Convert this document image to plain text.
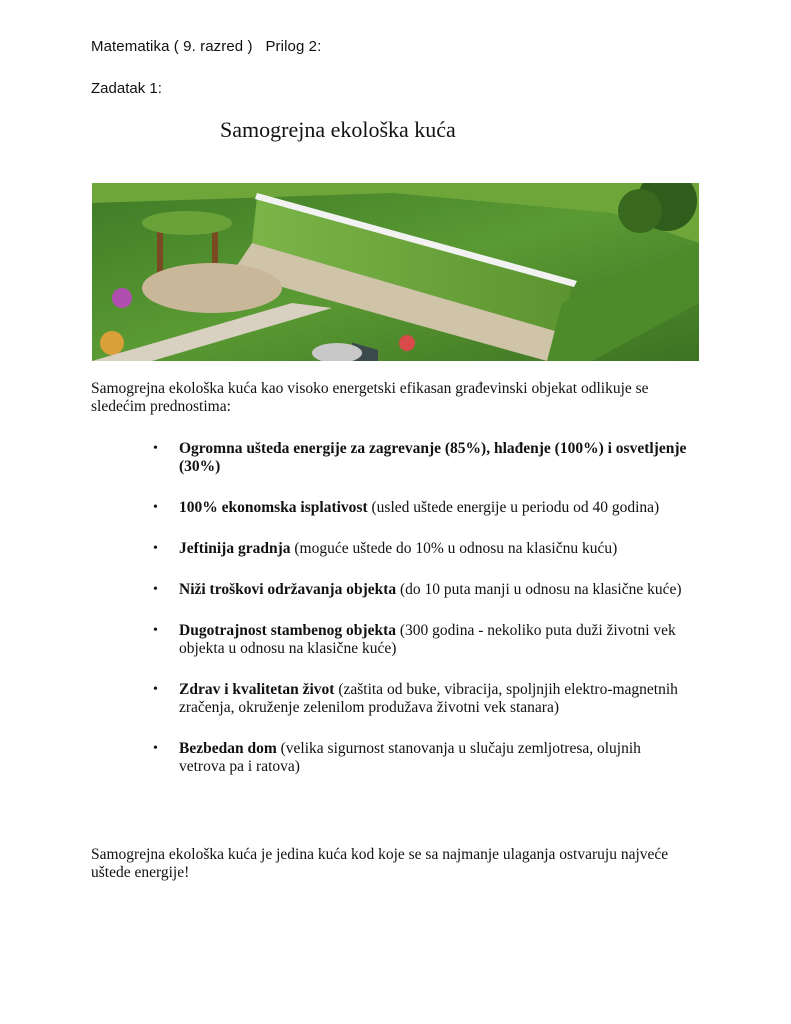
Matematika ( 9. razred ) Prilog 2:
Zadatak 1:
Samogrejna ekološka kuća
Samogrejna ekološka kuća kao visoko energetski efikasan građevinski objekat odlikuje se sledećim prednostima:
• Ogromna ušteda energije za zagrevanje (85%), hlađenje (100%) i osvetljenje (30%)
• 100% ekonomska isplativost (usled uštede energije u periodu od 40 godina)
• Jeftinija gradnja (moguće uštede do 10% u odnosu na klasičnu kuću)
• Niži troškovi održavanja objekta (do 10 puta manji u odnosu na klasične kuće)
• Dugotrajnost stambenog objekta (300 godina - nekoliko puta duži životni vek objekta u odnosu na klasične kuće)
• Zdrav i kvalitetan život (zaštita od buke, vibracija, spoljnjih elektro-magnetnih zračenja, okruženje zelenilom produžava životni vek stanara)
• Bezbedan dom (velika sigurnost stanovanja u slučaju zemljotresa, olujnih vetrova pa i ratova)
Samogrejna ekološka kuća je jedina kuća kod koje se sa najmanje ulaganja ostvaruju najveće uštede energije!
